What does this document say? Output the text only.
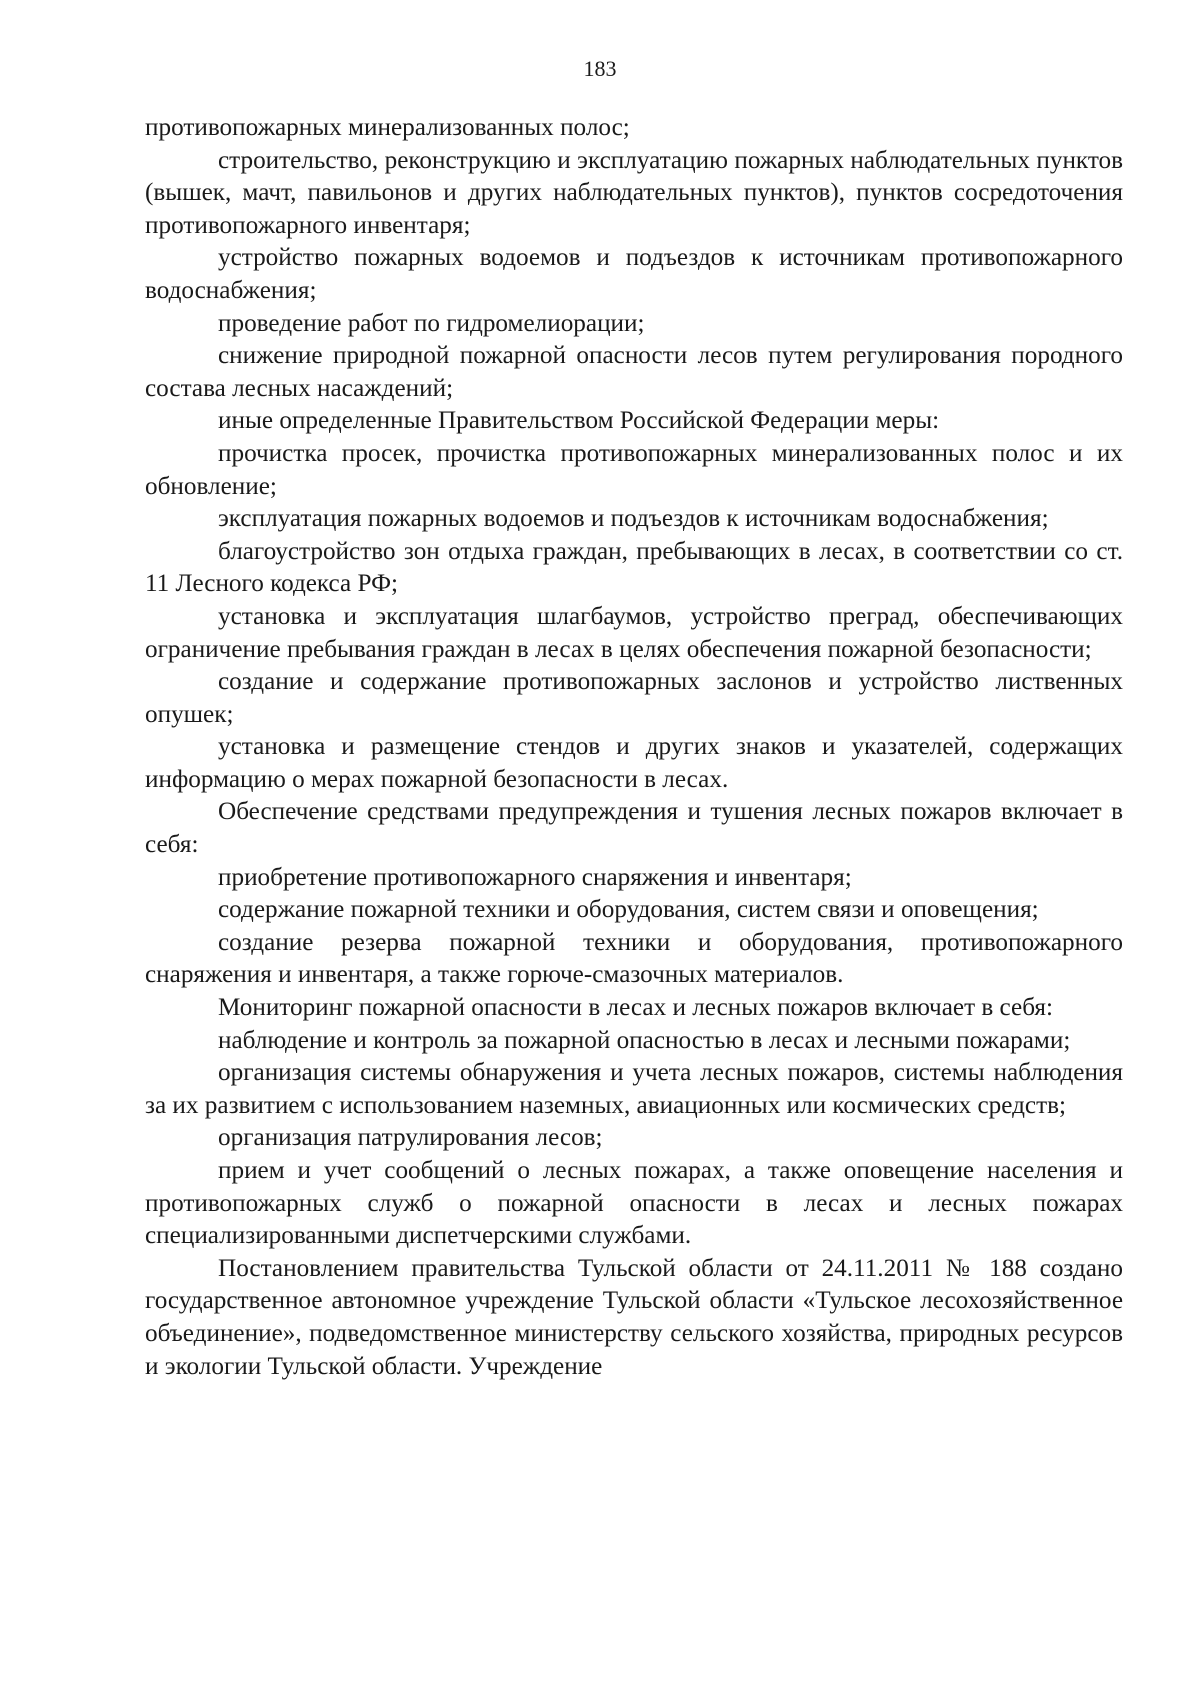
183

противопожарных минерализованных полос;

строительство, реконструкцию и эксплуатацию пожарных наблюдательных пунктов (вышек, мачт, павильонов и других наблюдательных пунктов), пунктов сосредоточения противопожарного инвентаря;

устройство пожарных водоемов и подъездов к источникам противопожарного водоснабжения;

проведение работ по гидромелиорации;

снижение природной пожарной опасности лесов путем регулирования породного состава лесных насаждений;

иные определенные Правительством Российской Федерации меры:

прочистка просек, прочистка противопожарных минерализованных полос и их обновление;

эксплуатация пожарных водоемов и подъездов к источникам водоснабжения;

благоустройство зон отдыха граждан, пребывающих в лесах, в соответствии со ст. 11 Лесного кодекса РФ;

установка и эксплуатация шлагбаумов, устройство преград, обеспечивающих ограничение пребывания граждан в лесах в целях обеспечения пожарной безопасности;

создание и содержание противопожарных заслонов и устройство лиственных опушек;

установка и размещение стендов и других знаков и указателей, содержащих информацию о мерах пожарной безопасности в лесах.

Обеспечение средствами предупреждения и тушения лесных пожаров включает в себя:

приобретение противопожарного снаряжения и инвентаря;

содержание пожарной техники и оборудования, систем связи и оповещения;

создание резерва пожарной техники и оборудования, противопожарного снаряжения и инвентаря, а также горюче-смазочных материалов.

Мониторинг пожарной опасности в лесах и лесных пожаров включает в себя:

наблюдение и контроль за пожарной опасностью в лесах и лесными пожарами;

организация системы обнаружения и учета лесных пожаров, системы наблюдения за их развитием с использованием наземных, авиационных или космических средств;

организация патрулирования лесов;

прием и учет сообщений о лесных пожарах, а также оповещение населения и противопожарных служб о пожарной опасности в лесах и лесных пожарах специализированными диспетчерскими службами.

Постановлением правительства Тульской области от 24.11.2011 № 188 создано государственное автономное учреждение Тульской области «Тульское лесохозяйственное объединение», подведомственное министерству сельского хозяйства, природных ресурсов и экологии Тульской области. Учреждение
